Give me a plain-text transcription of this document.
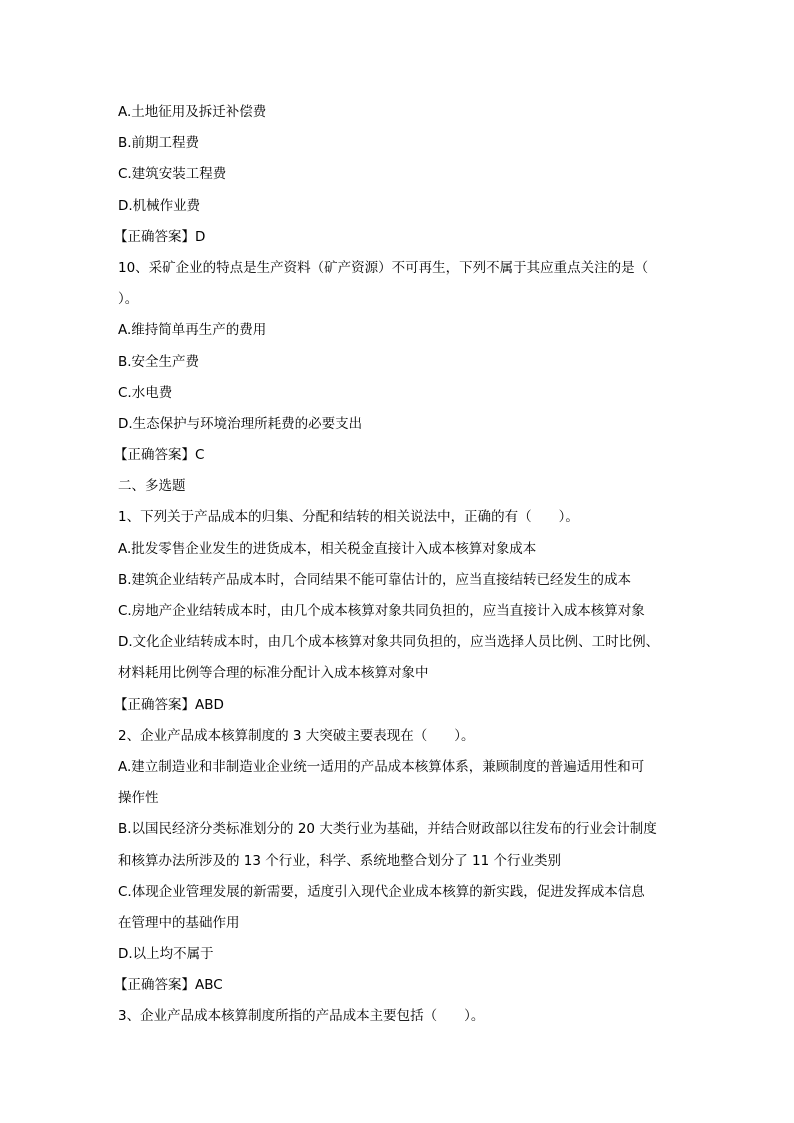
A.土地征用及拆迁补偿费
B.前期工程费
C.建筑安装工程费
D.机械作业费
【正确答案】D
10、采矿企业的特点是生产资料（矿产资源）不可再生，下列不属于其应重点关注的是（
）。
A.维持简单再生产的费用
B.安全生产费
C.水电费
D.生态保护与环境治理所耗费的必要支出
【正确答案】C
二、多选题
1、下列关于产品成本的归集、分配和结转的相关说法中，正确的有（　　）。
A.批发零售企业发生的进货成本，相关税金直接计入成本核算对象成本
B.建筑企业结转产品成本时，合同结果不能可靠估计的，应当直接结转已经发生的成本
C.房地产企业结转成本时，由几个成本核算对象共同负担的，应当直接计入成本核算对象
D.文化企业结转成本时，由几个成本核算对象共同负担的，应当选择人员比例、工时比例、
材料耗用比例等合理的标准分配计入成本核算对象中
【正确答案】ABD
2、企业产品成本核算制度的 3 大突破主要表现在（　　）。
A.建立制造业和非制造业企业统一适用的产品成本核算体系，兼顾制度的普遍适用性和可
操作性
B.以国民经济分类标准划分的 20 大类行业为基础，并结合财政部以往发布的行业会计制度
和核算办法所涉及的 13 个行业，科学、系统地整合划分了 11 个行业类别
C.体现企业管理发展的新需要，适度引入现代企业成本核算的新实践，促进发挥成本信息
在管理中的基础作用
D.以上均不属于
【正确答案】ABC
3、企业产品成本核算制度所指的产品成本主要包括（　　）。
